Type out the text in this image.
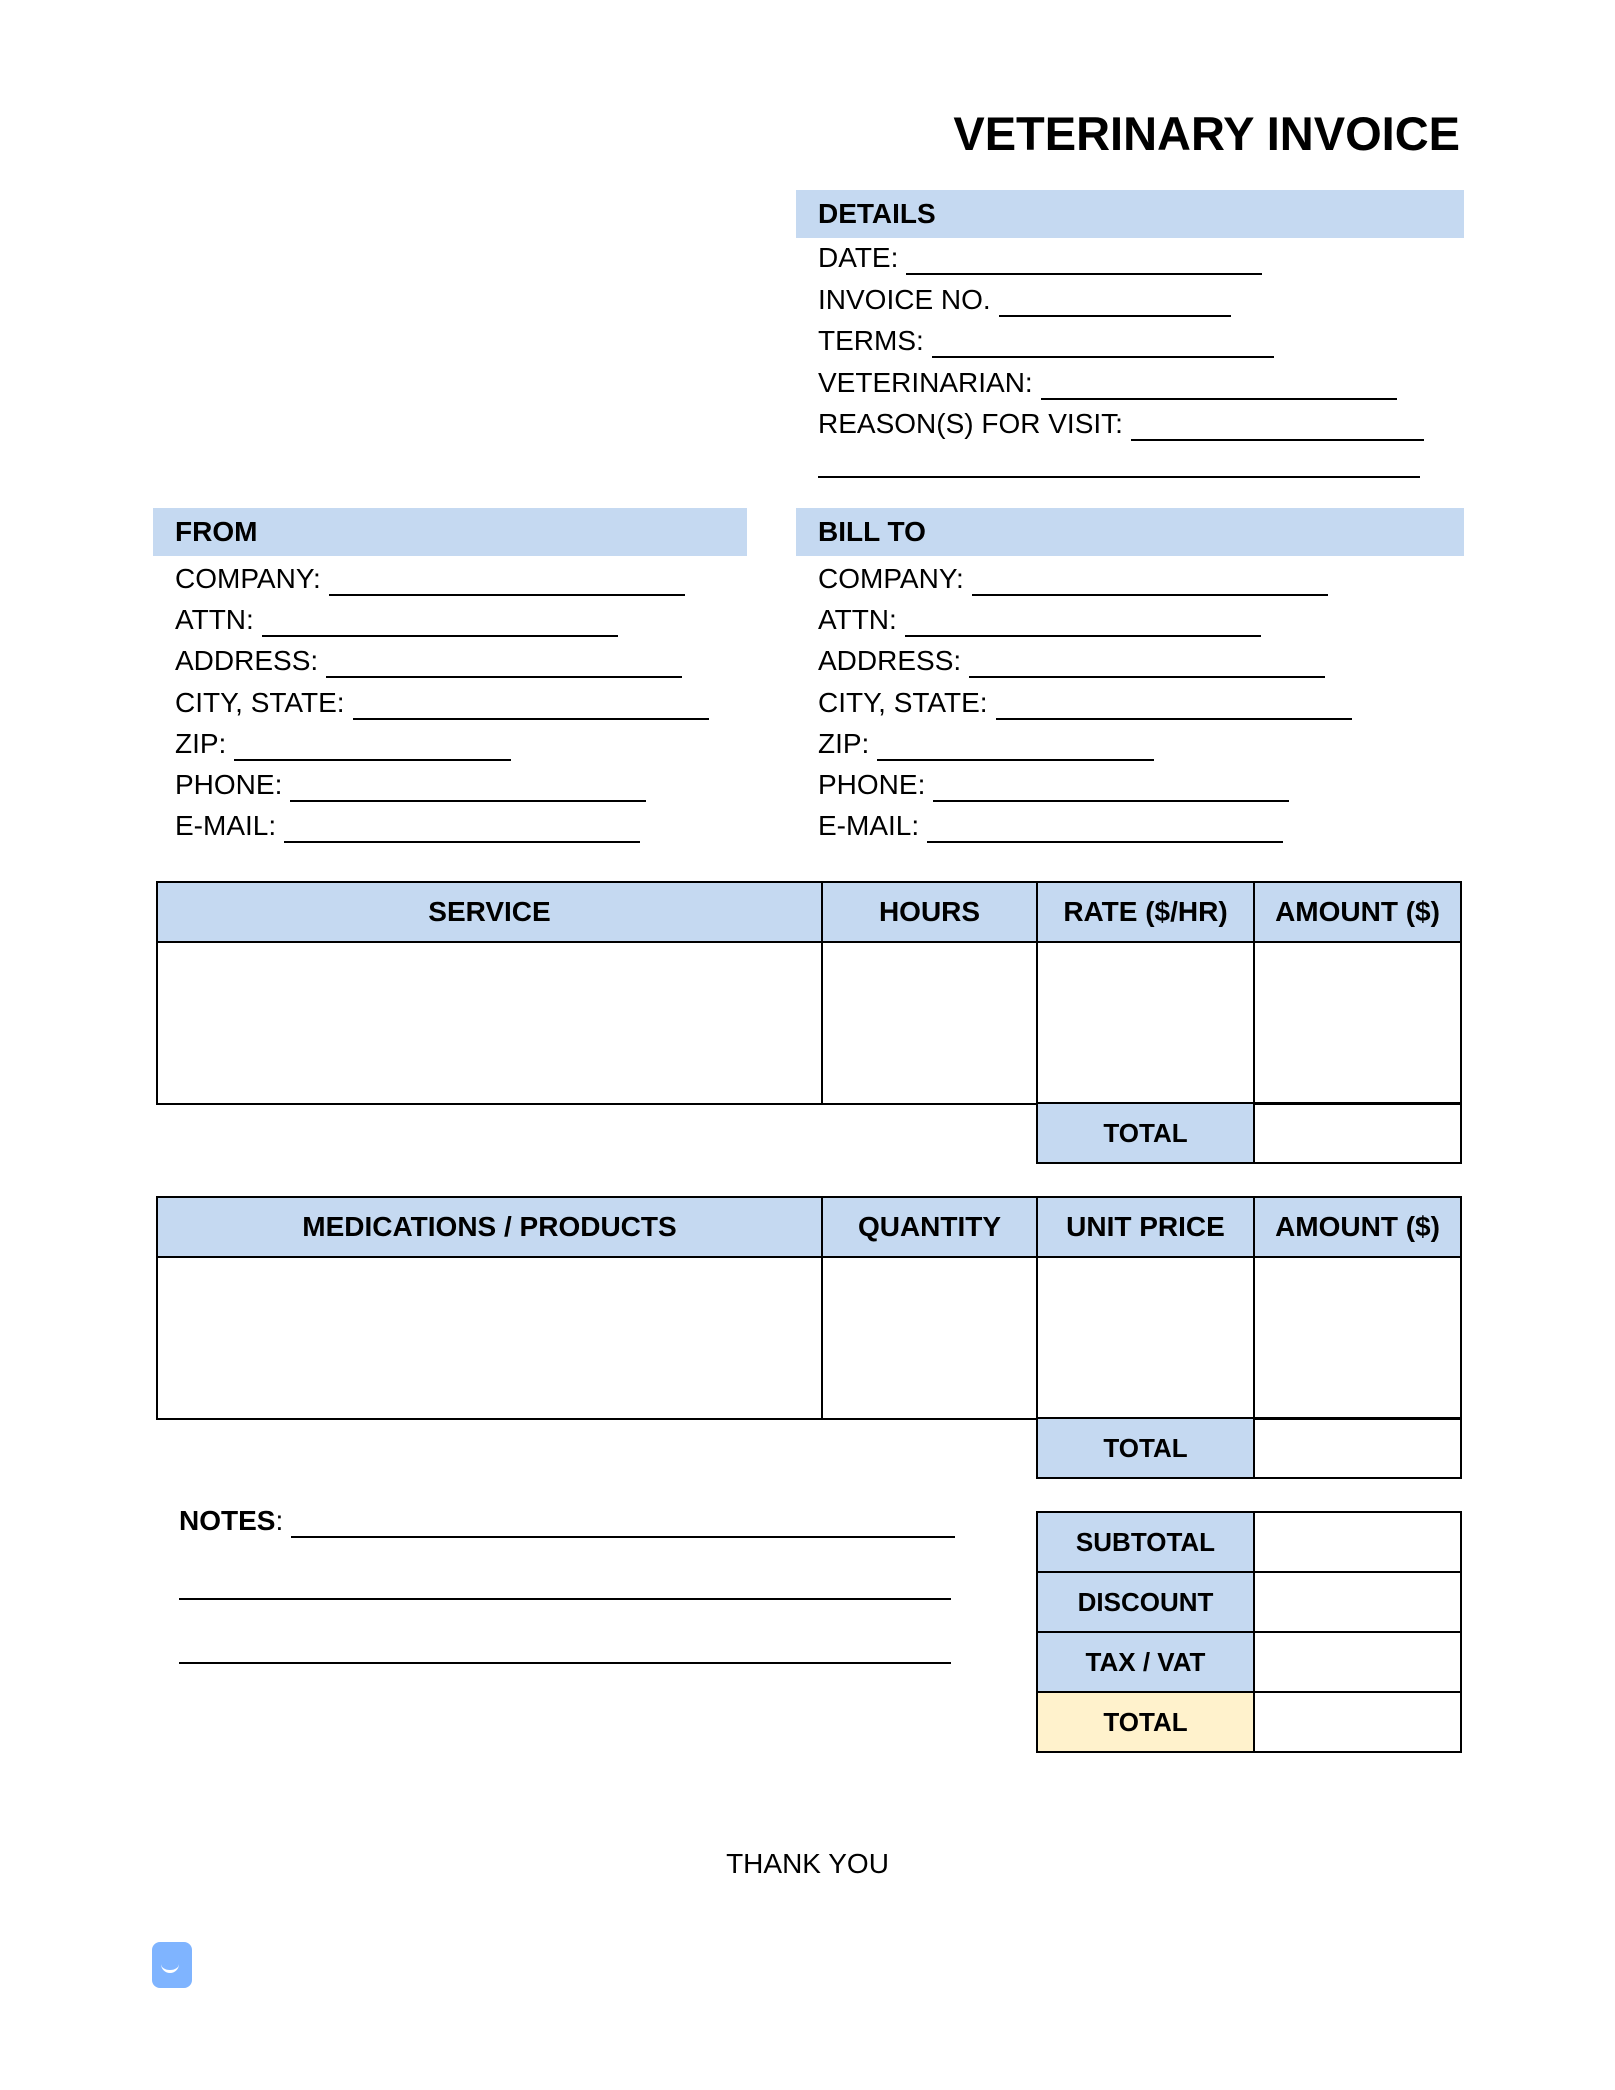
VETERINARY INVOICE
DETAILS
DATE:
INVOICE NO.
TERMS:
VETERINARIAN:
REASON(S) FOR VISIT:
FROM
COMPANY:
ATTN:
ADDRESS:
CITY, STATE:
ZIP:
PHONE:
E-MAIL:
BILL TO
COMPANY:
ATTN:
ADDRESS:
CITY, STATE:
ZIP:
PHONE:
E-MAIL:
SERVICE	HOURS	RATE ($/HR)	AMOUNT ($)

TOTAL	
MEDICATIONS / PRODUCTS	QUANTITY	UNIT PRICE	AMOUNT ($)

TOTAL	
NOTES:
SUBTOTAL	
DISCOUNT	
TAX / VAT	
TOTAL	
THANK YOU
